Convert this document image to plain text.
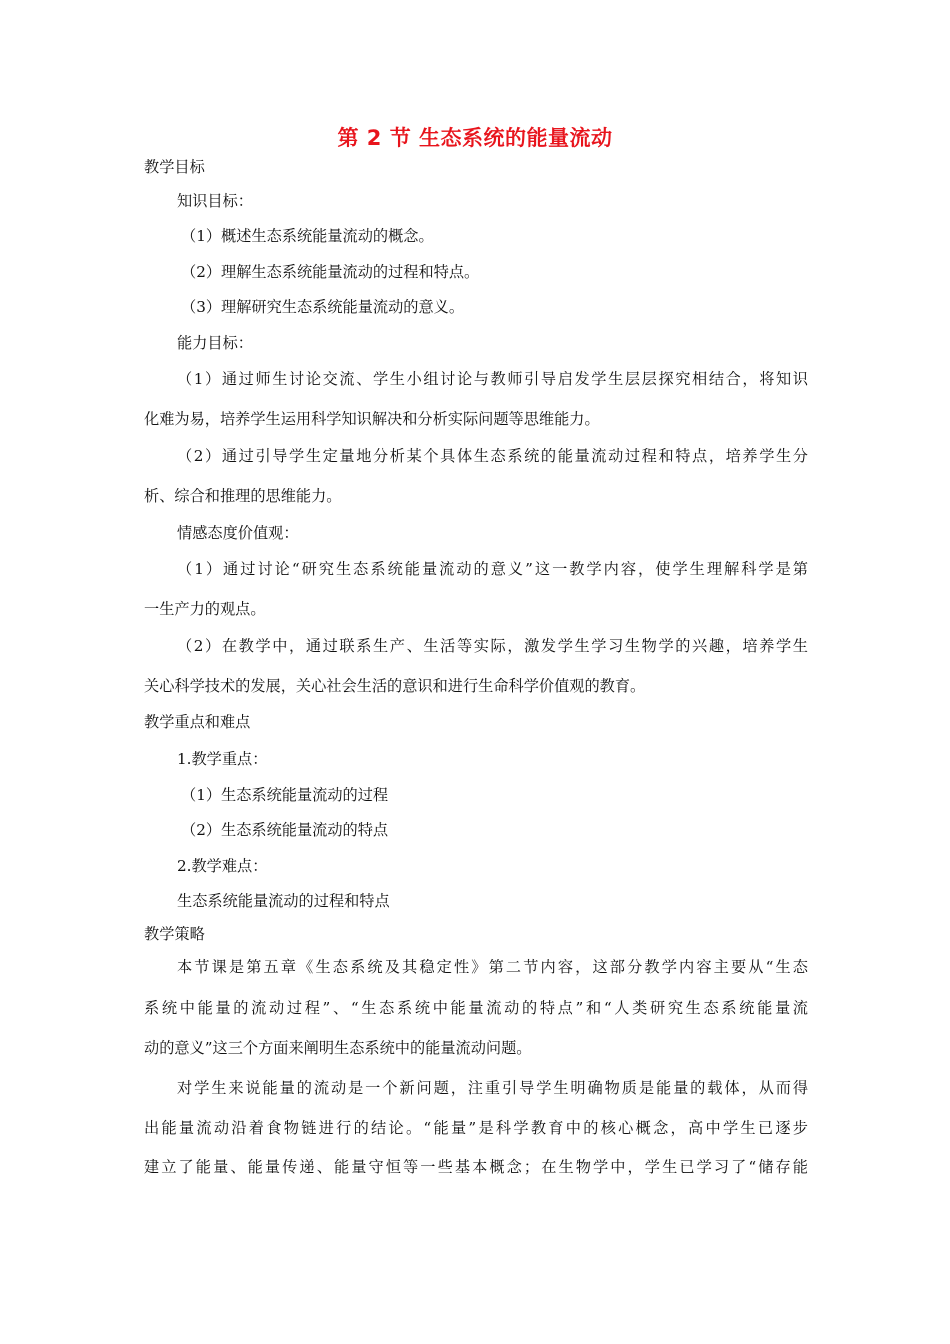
第 2 节 生态系统的能量流动
教学目标
知识目标：
（1）概述生态系统能量流动的概念。
（2）理解生态系统能量流动的过程和特点。
（3）理解研究生态系统能量流动的意义。
能力目标：
（1）通过师生讨论交流、学生小组讨论与教师引导启发学生层层探究相结合，将知识
化难为易，培养学生运用科学知识解决和分析实际问题等思维能力。
（2）通过引导学生定量地分析某个具体生态系统的能量流动过程和特点，培养学生分
析、综合和推理的思维能力。
情感态度价值观：
（1）通过讨论“研究生态系统能量流动的意义”这一教学内容，使学生理解科学是第
一生产力的观点。
（2）在教学中，通过联系生产、生活等实际，激发学生学习生物学的兴趣，培养学生
关心科学技术的发展，关心社会生活的意识和进行生命科学价值观的教育。
教学重点和难点
1.教学重点：
（1）生态系统能量流动的过程
（2）生态系统能量流动的特点
2.教学难点：
生态系统能量流动的过程和特点
教学策略
本节课是第五章《生态系统及其稳定性》第二节内容，这部分教学内容主要从“生态
系统中能量的流动过程”、“生态系统中能量流动的特点”和“人类研究生态系统能量流
动的意义”这三个方面来阐明生态系统中的能量流动问题。
对学生来说能量的流动是一个新问题，注重引导学生明确物质是能量的载体，从而得
出能量流动沿着食物链进行的结论。“能量”是科学教育中的核心概念，高中学生已逐步
建立了能量、能量传递、能量守恒等一些基本概念；在生物学中，学生已学习了“储存能
